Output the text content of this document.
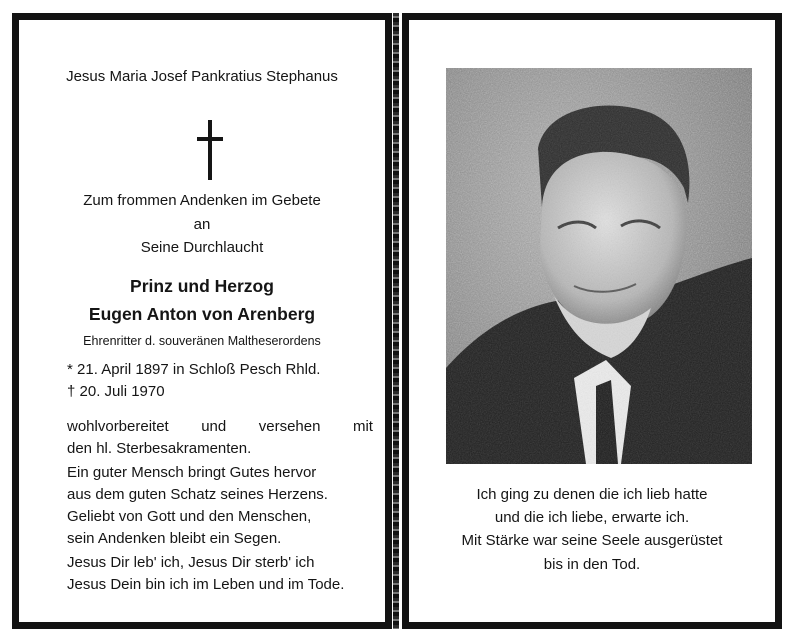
Jesus Maria Josef Pankratius Stephanus
Zum frommen Andenken im Gebete
an
Seine Durchlaucht
Prinz und Herzog
Eugen Anton von Arenberg
Ehrenritter d. souveränen Maltheserordens
* 21. April 1897 in Schloß Pesch Rhld.
† 20. Juli 1970
wohlvorbereitet und versehen mit
den hl. Sterbesakramenten.
Ein guter Mensch bringt Gutes hervor
aus dem guten Schatz seines Herzens.
Geliebt von Gott und den Menschen,
sein Andenken bleibt ein Segen.
Jesus Dir leb' ich, Jesus Dir sterb' ich
Jesus Dein bin ich im Leben und im Tode.
Ich ging zu denen die ich lieb hatte
und die ich liebe, erwarte ich.
Mit Stärke war seine Seele ausgerüstet
bis in den Tod.
